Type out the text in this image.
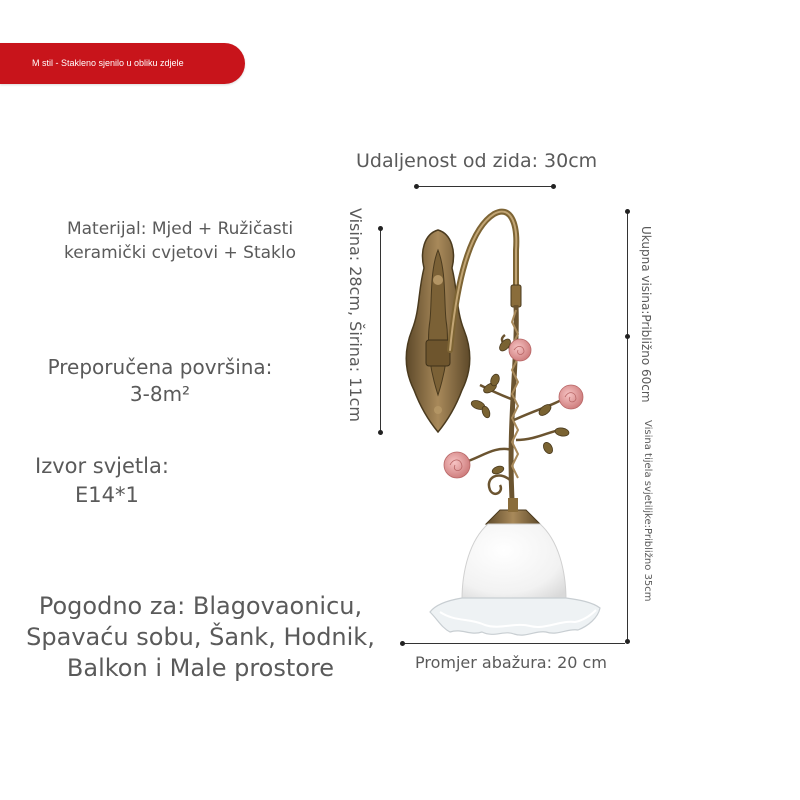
M stil - Stakleno sjenilo u obliku zdjele
Materijal: Mjed + Ružičasti
keramički cvjetovi + Staklo
Preporučena površina:
3-8m²
Izvor svjetla:
E14*1
Pogodno za: Blagovaonicu,
Spavaću sobu, Šank, Hodnik,
Balkon i Male prostore
Udaljenost od zida: 30cm
Visina: 28cm, Širina: 11cm	Ukupna visina:Približno 60cm
Visina tijela svjetiljke:Približno 35cm
Promjer abažura: 20 cm
